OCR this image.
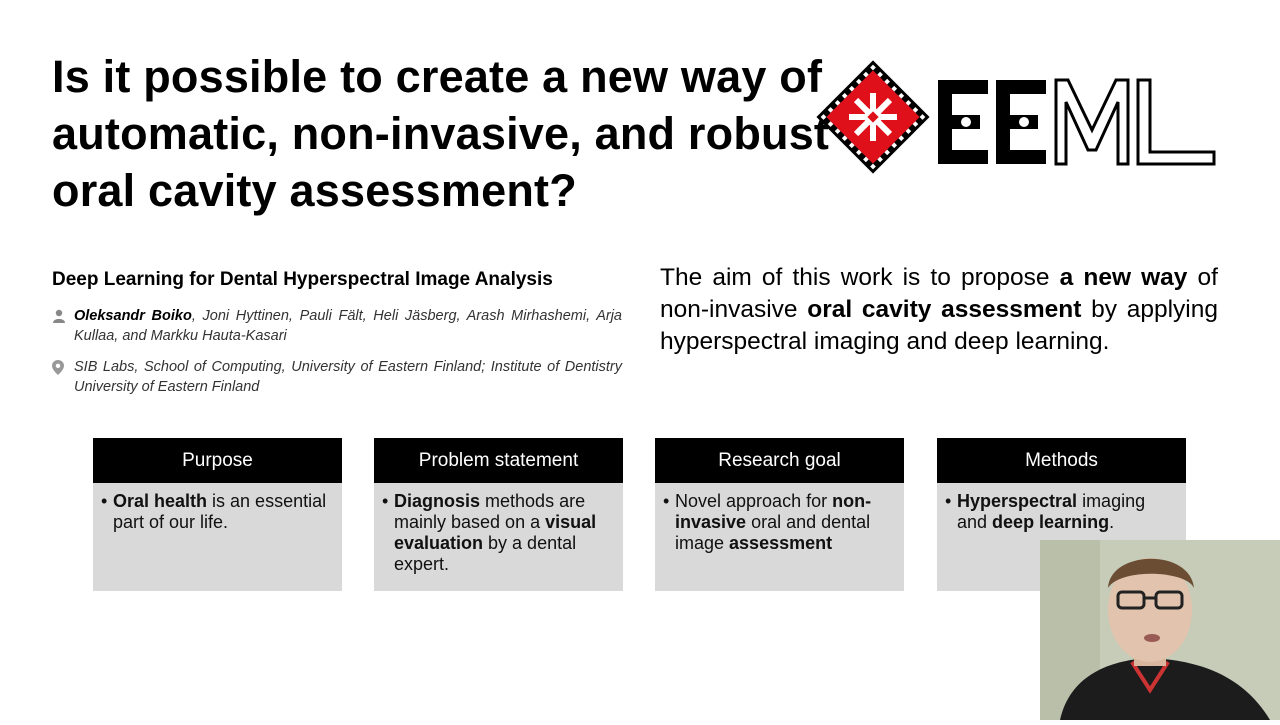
Is it possible to create a new way of automatic, non-invasive, and robust oral cavity assessment?
EEML
Deep Learning for Dental Hyperspectral Image Analysis
Oleksandr Boiko, Joni Hyttinen, Pauli Fält, Heli Jäsberg, Arash Mirhashemi, Arja Kullaa, and Markku Hauta-Kasari
SIB Labs, School of Computing, University of Eastern Finland; Institute of Dentistry University of Eastern Finland

The aim of this work is to propose a new way of non-invasive oral cavity assessment by applying hyperspectral imaging and deep learning.

Purpose
• Oral health is an essential part of our life.
Problem statement
• Diagnosis methods are mainly based on a visual evaluation by a dental expert.
Research goal
• Novel approach for non-invasive oral and dental image assessment
Methods
• Hyperspectral imaging and deep learning.
